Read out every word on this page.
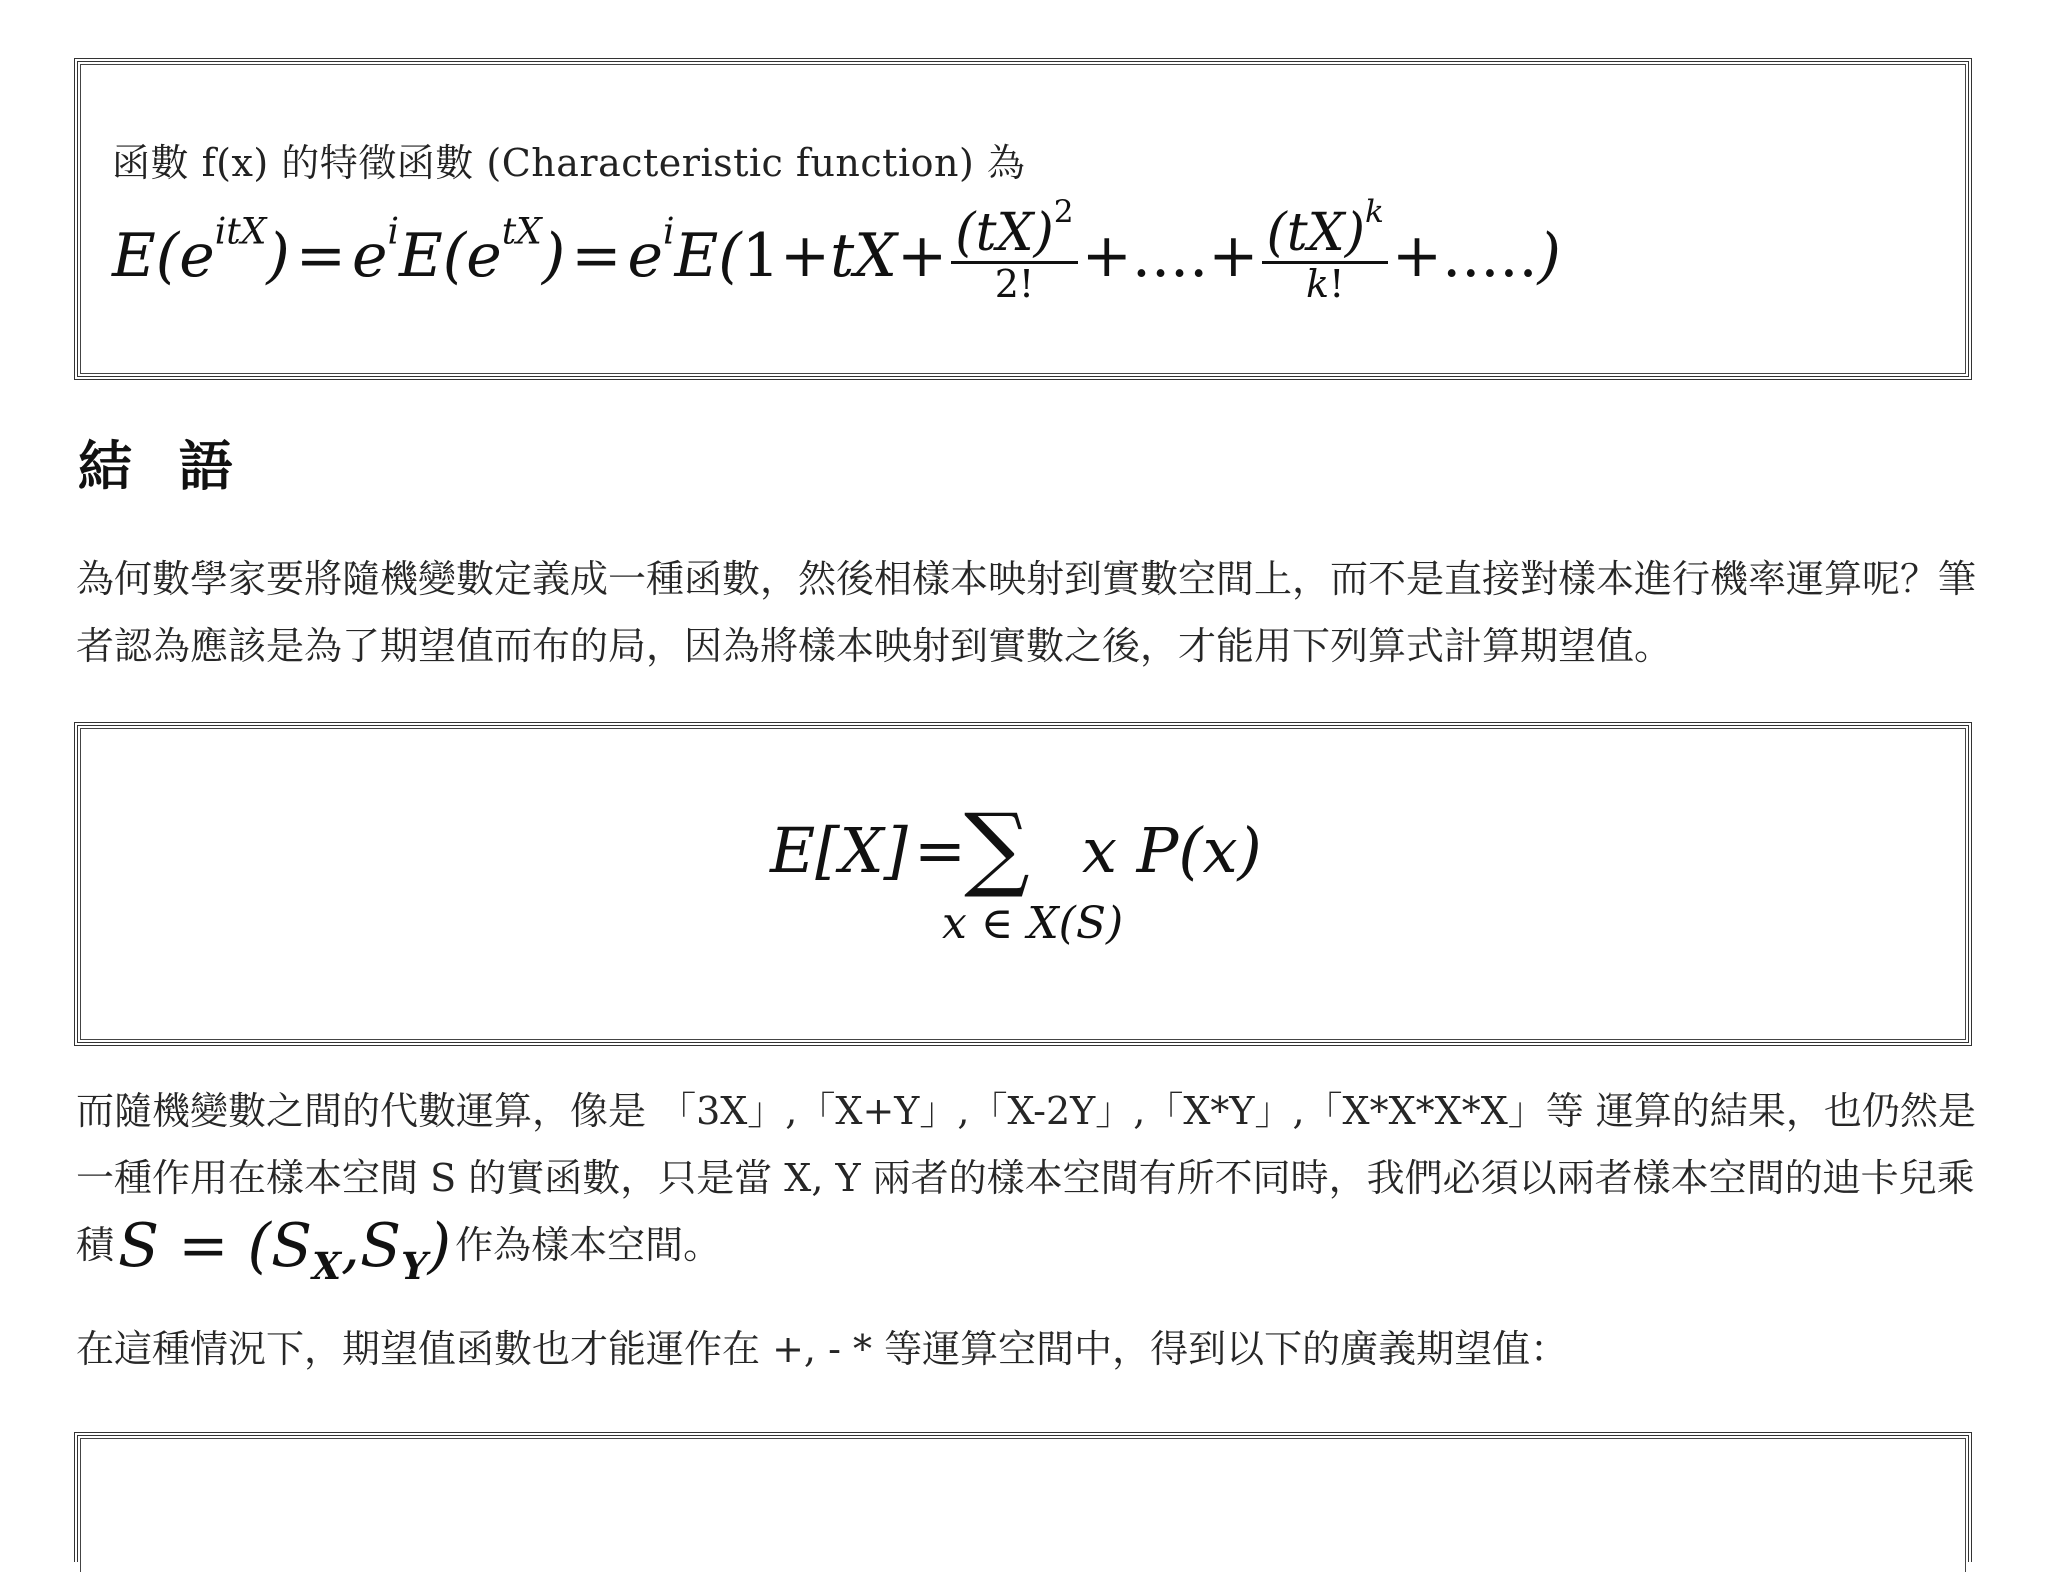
函數 f(x) 的特徵函數 (Characteristic function) 為
$E(e^{itX})$ = $e^iE(e^{tX})$ = $e^iE(1+tX+ \frac{(tX)^2}{2!}$ +....+ $\frac{(tX)^k}{k!}$ +.....)
結 語

為何數學家要將隨機變數定義成一種函數，然後相樣本映射到實數空間上，而不是直接對樣本進行機率運算呢？筆者認為應該是為了期望值而布的局，因為將樣本映射到實數之後，才能用下列算式計算期望值。

E[X] =
∑ x P(x)
x ∈ X(S)

而隨機變數之間的代數運算，像是 「3X」,「X+Y」,「X-2Y」,「X*Y」,「X*X*X*X」等 運算的結果，也仍然是一種作用在樣本空間 S 的實函數，只是當 X, Y 兩者的樣本空間有所不同時，我們必須以兩者樣本空間的迪卡兒乘積$S = (S_X,S_Y)$ 作為樣本空間。

在這種情況下，期望值函數也才能運作在 +, - * 等運算空間中，得到以下的廣義期望值：
